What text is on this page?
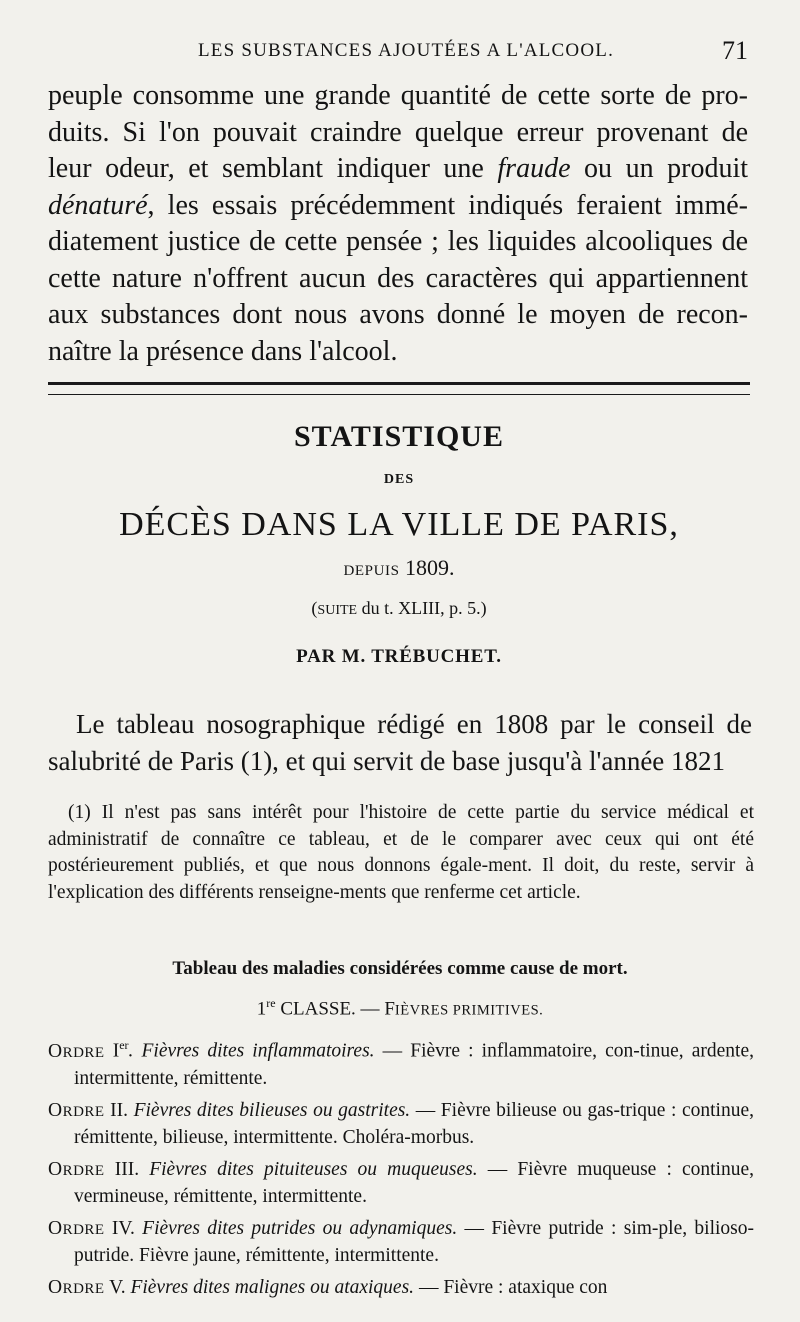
LES SUBSTANCES AJOUTÉES A L'ALCOOL.	71

peuple consomme une grande quantité de cette sorte de pro-duits. Si l'on pouvait craindre quelque erreur provenant de leur odeur, et semblant indiquer une fraude ou un produit dénaturé, les essais précédemment indiqués feraient immé-diatement justice de cette pensée ; les liquides alcooliques de cette nature n'offrent aucun des caractères qui appartiennent aux substances dont nous avons donné le moyen de recon-naître la présence dans l'alcool.

STATISTIQUE
DES
DÉCÈS DANS LA VILLE DE PARIS,
DEPUIS 1809.
(SUITE du t. XLIII, p. 5.)
PAR M. TRÉBUCHET.

Le tableau nosographique rédigé en 1808 par le conseil de salubrité de Paris (1), et qui servit de base jusqu'à l'année 1821

(1) Il n'est pas sans intérêt pour l'histoire de cette partie du service médical et administratif de connaître ce tableau, et de le comparer avec ceux qui ont été postérieurement publiés, et que nous donnons égale-ment. Il doit, du reste, servir à l'explication des différents renseigne-ments que renferme cet article.

Tableau des maladies considérées comme cause de mort.
1re CLASSE. — FIÈVRES PRIMITIVES.

ORDRE Ier. Fièvres dites inflammatoires. — Fièvre : inflammatoire, con-tinue, ardente, intermittente, rémittente.

ORDRE II. Fièvres dites bilieuses ou gastrites. — Fièvre bilieuse ou gas-trique : continue, rémittente, bilieuse, intermittente. Choléra-morbus.

ORDRE III. Fièvres dites pituiteuses ou muqueuses. — Fièvre muqueuse : continue, vermineuse, rémittente, intermittente.

ORDRE IV. Fièvres dites putrides ou adynamiques. — Fièvre putride : sim-ple, bilioso-putride. Fièvre jaune, rémittente, intermittente.

ORDRE V. Fièvres dites malignes ou ataxiques. — Fièvre : ataxique con
